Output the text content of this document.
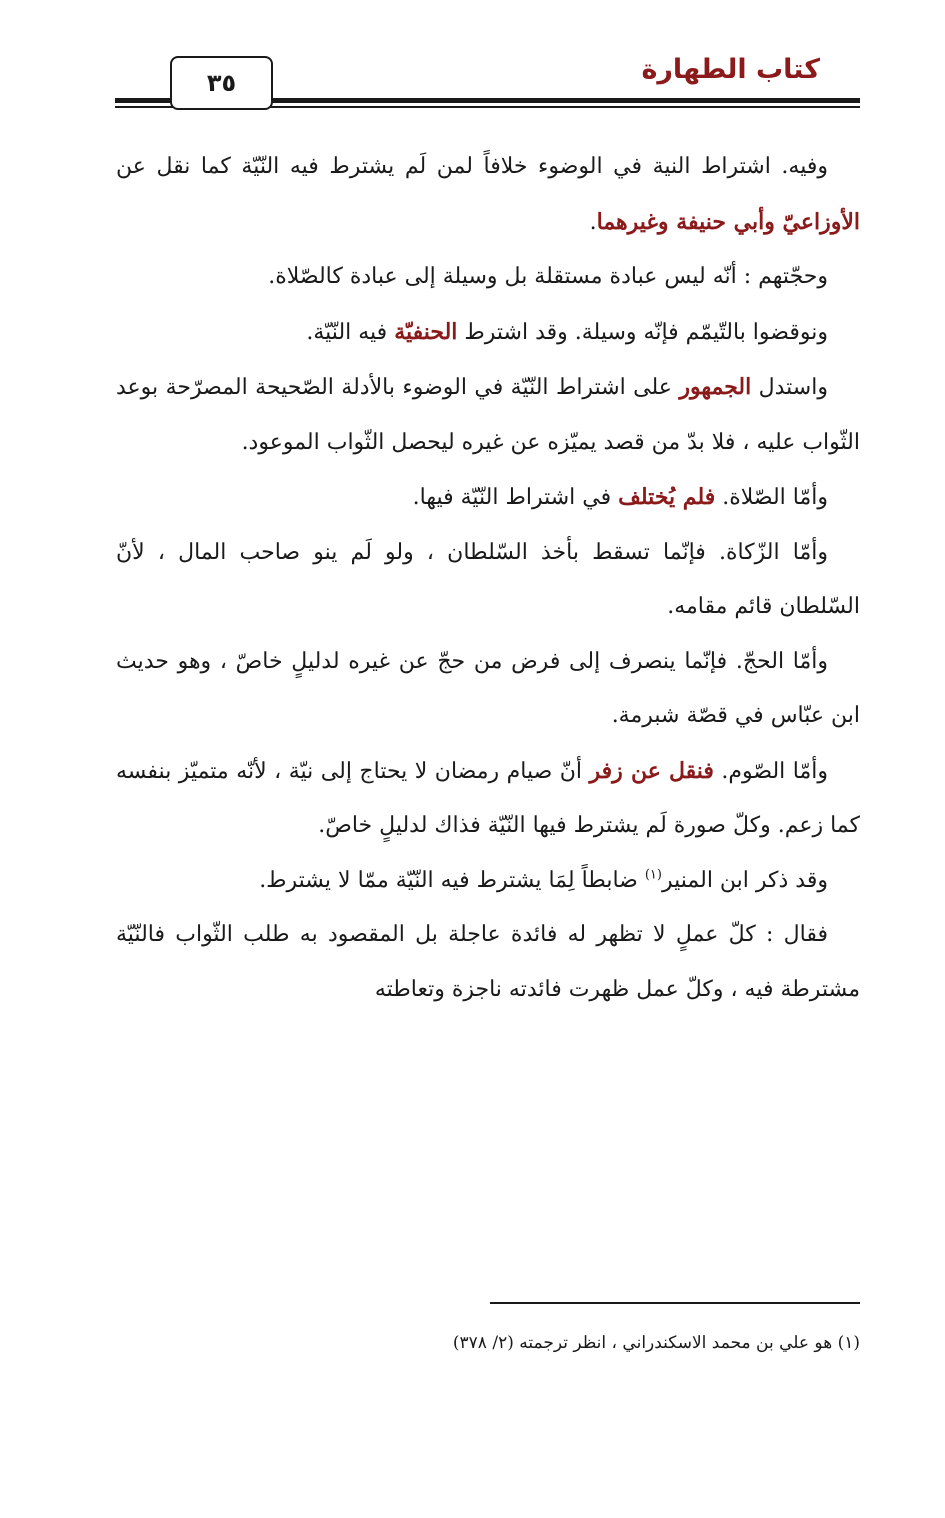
٣٥	كتاب الطهارة

وفيه. اشتراط النية في الوضوء خلافاً لمن لَم يشترط فيه النّيّة كما نقل عن الأوزاعيّ وأبي حنيفة وغيرهما.

وحجّتهم : أنّه ليس عبادة مستقلة بل وسيلة إلى عبادة كالصّلاة.

ونوقضوا بالتّيمّم فإنّه وسيلة. وقد اشترط الحنفيّة فيه النّيّة.

واستدل الجمهور على اشتراط النّيّة في الوضوء بالأدلة الصّحيحة المصرّحة بوعد الثّواب عليه ، فلا بدّ من قصد يميّزه عن غيره ليحصل الثّواب الموعود.

وأمّا الصّلاة. فلم يُختلف في اشتراط النّيّة فيها.

وأمّا الزّكاة. فإنّما تسقط بأخذ السّلطان ، ولو لَم ينو صاحب المال ، لأنّ السّلطان قائم مقامه.

وأمّا الحجّ. فإنّما ينصرف إلى فرض من حجّ عن غيره لدليلٍ خاصّ ، وهو حديث ابن عبّاس في قصّة شبرمة.

وأمّا الصّوم. فنقل عن زفر أنّ صيام رمضان لا يحتاج إلى نيّة ، لأنّه متميّز بنفسه كما زعم. وكلّ صورة لَم يشترط فيها النّيّة فذاك لدليلٍ خاصّ.

وقد ذكر ابن المنير$^{(١)}$ ضابطاً لِمَا يشترط فيه النّيّة ممّا لا يشترط.

فقال : كلّ عملٍ لا تظهر له فائدة عاجلة بل المقصود به طلب الثّواب فالنّيّة مشترطة فيه ، وكلّ عمل ظهرت فائدته ناجزة وتعاطته

(١) هو علي بن محمد الاسكندراني ، انظر ترجمته (٢/ ٣٧٨)
